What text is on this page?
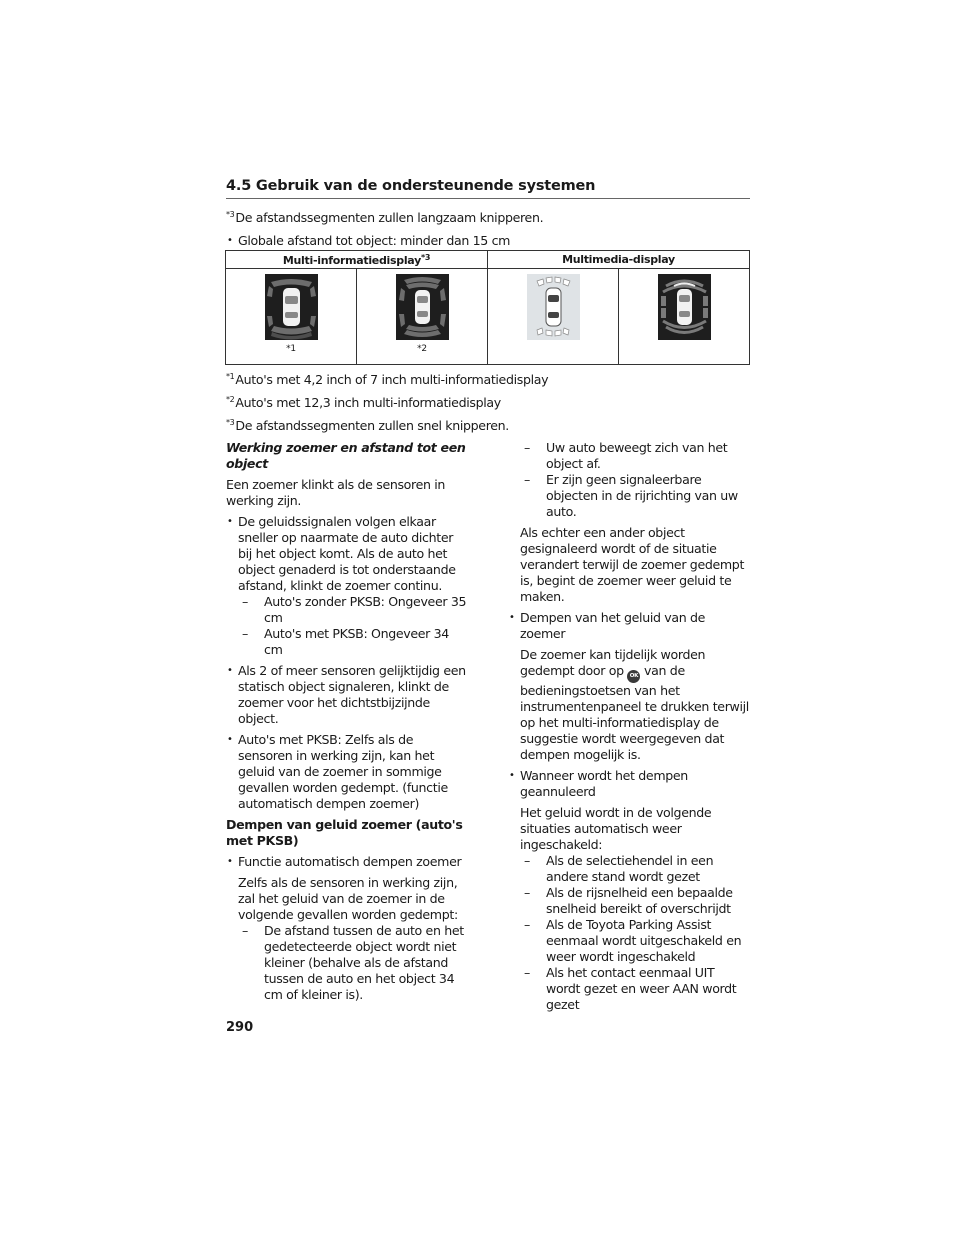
4.5 Gebruik van de ondersteunende systemen
$^{*3}$De afstandssegmenten zullen langzaam knipperen.
• Globale afstand tot object: minder dan 15 cm
Multi-informatiedisplay$^{*3}$		Multimedia-display	

*1	*2

$^{*1}$Auto's met 4,2 inch of 7 inch multi-informatiedisplay
$^{*2}$Auto's met 12,3 inch multi-informatiedisplay
$^{*3}$De afstandssegmenten zullen snel knipperen.

Werking zoemer en afstand tot een object

Een zoemer klinkt als de sensoren in werking zijn.

• De geluidssignalen volgen elkaar sneller op naarmate de auto dichter bij het object komt. Als de auto het object genaderd is tot onderstaande afstand, klinkt de zoemer continu.
– Auto's zonder PKSB: Ongeveer 35 cm
– Auto's met PKSB: Ongeveer 34 cm
• Als 2 of meer sensoren gelijktijdig een statisch object signaleren, klinkt de zoemer voor het dichtstbijzijnde object.
• Auto's met PKSB: Zelfs als de sensoren in werking zijn, kan het geluid van de zoemer in sommige gevallen worden gedempt. (functie automatisch dempen zoemer)

Dempen van geluid zoemer (auto's met PKSB)

• Functie automatisch dempen zoemer
Zelfs als de sensoren in werking zijn, zal het geluid van de zoemer in de volgende gevallen worden gedempt:
– De afstand tussen de auto en het gedetecteerde object wordt niet kleiner (behalve als de afstand tussen de auto en het object 34 cm of kleiner is).
– Uw auto beweegt zich van het object af.
– Er zijn geen signaleerbare objecten in de rijrichting van uw auto.

Als echter een ander object gesignaleerd wordt of de situatie verandert terwijl de zoemer gedempt is, begint de zoemer weer geluid te maken.

• Dempen van het geluid van de zoemer

De zoemer kan tijdelijk worden gedempt door op OK van de bedieningstoetsen van het instrumentenpaneel te drukken terwijl op het multi-informatiedisplay de suggestie wordt weergegeven dat dempen mogelijk is.

• Wanneer wordt het dempen geannuleerd
Het geluid wordt in de volgende situaties automatisch weer ingeschakeld:
– Als de selectiehendel in een andere stand wordt gezet
– Als de rijsnelheid een bepaalde snelheid bereikt of overschrijdt
– Als de Toyota Parking Assist eenmaal wordt uitgeschakeld en weer wordt ingeschakeld
– Als het contact eenmaal UIT wordt gezet en weer AAN wordt gezet
290
